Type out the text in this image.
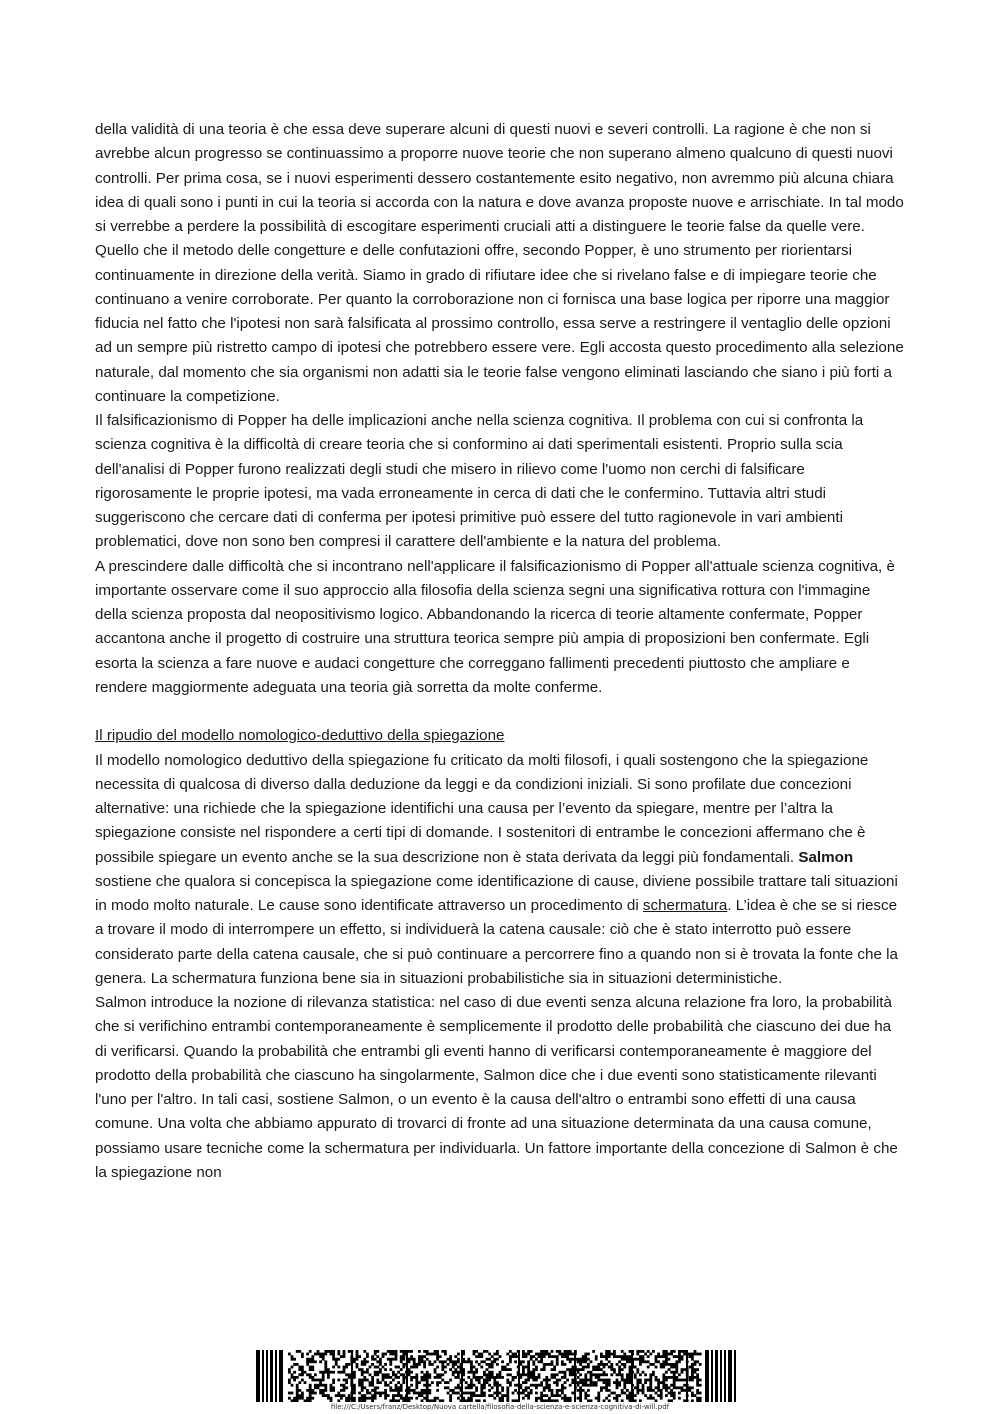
della validità di una teoria è che essa deve superare alcuni di questi nuovi e severi controlli. La ragione è che non si avrebbe alcun progresso se continuassimo a proporre nuove teorie che non superano almeno qualcuno di questi nuovi controlli. Per prima cosa, se i nuovi esperimenti dessero costantemente esito negativo, non avremmo più alcuna chiara idea di quali sono i punti in cui la teoria si accorda con la natura e dove avanza proposte nuove e arrischiate. In tal modo si verrebbe a perdere la possibilità di escogitare esperimenti cruciali atti a distinguere le teorie false da quelle vere.

Quello che il metodo delle congetture e delle confutazioni offre, secondo Popper, è uno strumento per riorientarsi continuamente in direzione della verità. Siamo in grado di rifiutare idee che si rivelano false e di impiegare teorie che continuano a venire corroborate. Per quanto la corroborazione non ci fornisca una base logica per riporre una maggior fiducia nel fatto che l'ipotesi non sarà falsificata al prossimo controllo, essa serve a restringere il ventaglio delle opzioni ad un sempre più ristretto campo di ipotesi che potrebbero essere vere. Egli accosta questo procedimento alla selezione naturale, dal momento che sia organismi non adatti sia le teorie false vengono eliminati lasciando che siano i più forti a continuare la competizione.

Il falsificazionismo di Popper ha delle implicazioni anche nella scienza cognitiva. Il problema con cui si confronta la scienza cognitiva è la difficoltà di creare teoria che si conformino ai dati sperimentali esistenti. Proprio sulla scia dell'analisi di Popper furono realizzati degli studi che misero in rilievo come l'uomo non cerchi di falsificare rigorosamente le proprie ipotesi, ma vada erroneamente in cerca di dati che le confermino. Tuttavia altri studi suggeriscono che cercare dati di conferma per ipotesi primitive può essere del tutto ragionevole in vari ambienti problematici, dove non sono ben compresi il carattere dell'ambiente e la natura del problema.

A prescindere dalle difficoltà che si incontrano nell'applicare il falsificazionismo di Popper all'attuale scienza cognitiva, è importante osservare come il suo approccio alla filosofia della scienza segni una significativa rottura con l'immagine della scienza proposta dal neopositivismo logico. Abbandonando la ricerca di teorie altamente confermate, Popper accantona anche il progetto di costruire una struttura teorica sempre più ampia di proposizioni ben confermate. Egli esorta la scienza a fare nuove e audaci congetture che correggano fallimenti precedenti piuttosto che ampliare e rendere maggiormente adeguata una teoria già sorretta da molte conferme.

Il ripudio del modello nomologico-deduttivo della spiegazione

Il modello nomologico deduttivo della spiegazione fu criticato da molti filosofi, i quali sostengono che la spiegazione necessita di qualcosa di diverso dalla deduzione da leggi e da condizioni iniziali. Si sono profilate due concezioni alternative: una richiede che la spiegazione identifichi una causa per l’evento da spiegare, mentre per l’altra la spiegazione consiste nel rispondere a certi tipi di domande. I sostenitori di entrambe le concezioni affermano che è possibile spiegare un evento anche se la sua descrizione non è stata derivata da leggi più fondamentali. Salmon sostiene che qualora si concepisca la spiegazione come identificazione di cause, diviene possibile trattare tali situazioni in modo molto naturale. Le cause sono identificate attraverso un procedimento di schermatura. L’idea è che se si riesce a trovare il modo di interrompere un effetto, si individuerà la catena causale: ciò che è stato interrotto può essere considerato parte della catena causale, che si può continuare a percorrere fino a quando non si è trovata la fonte che la genera. La schermatura funziona bene sia in situazioni probabilistiche sia in situazioni deterministiche.

Salmon introduce la nozione di rilevanza statistica: nel caso di due eventi senza alcuna relazione fra loro, la probabilità che si verifichino entrambi contemporaneamente è semplicemente il prodotto delle probabilità che ciascuno dei due ha di verificarsi. Quando la probabilità che entrambi gli eventi hanno di verificarsi contemporaneamente è maggiore del prodotto della probabilità che ciascuno ha singolarmente, Salmon dice che i due eventi sono statisticamente rilevanti l'uno per l'altro. In tali casi, sostiene Salmon, o un evento è la causa dell'altro o entrambi sono effetti di una causa comune. Una volta che abbiamo appurato di trovarci di fronte ad una situazione determinata da una causa comune, possiamo usare tecniche come la schermatura per individuarla. Un fattore importante della concezione di Salmon è che la spiegazione non

file:///C:/Users/franz/Desktop/Nuova cartella/filosofia-della-scienza-e-scienza-cognitiva-di-will.pdf
